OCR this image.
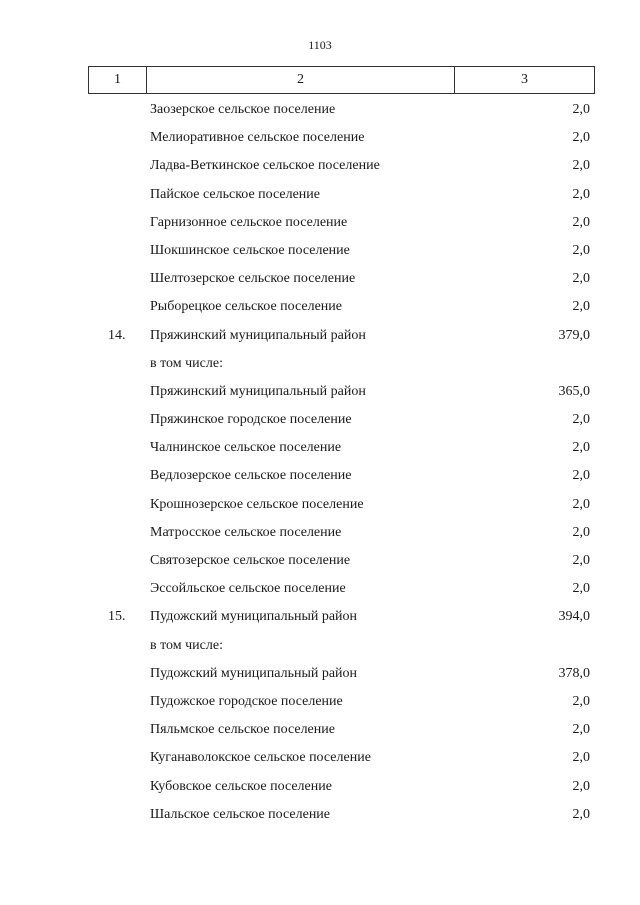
1103
1	2	3
Заозерское сельское поселение	2,0
Мелиоративное сельское поселение	2,0
Ладва-Веткинское сельское поселение	2,0
Пайское сельское поселение	2,0
Гарнизонное сельское поселение	2,0
Шокшинское сельское поселение	2,0
Шелтозерское сельское поселение	2,0
Рыборецкое сельское поселение	2,0
14. Пряжинский муниципальный район	379,0
в том числе:
Пряжинский муниципальный район	365,0
Пряжинское городское поселение	2,0
Чалнинское сельское поселение	2,0
Ведлозерское сельское поселение	2,0
Крошнозерское сельское поселение	2,0
Матросское сельское поселение	2,0
Святозерское сельское поселение	2,0
Эссойльское сельское поселение	2,0
15. Пудожский муниципальный район	394,0
в том числе:
Пудожский муниципальный район	378,0
Пудожское городское поселение	2,0
Пяльмское сельское поселение	2,0
Куганаволокское сельское поселение	2,0
Кубовское сельское поселение	2,0
Шальское сельское поселение	2,0
